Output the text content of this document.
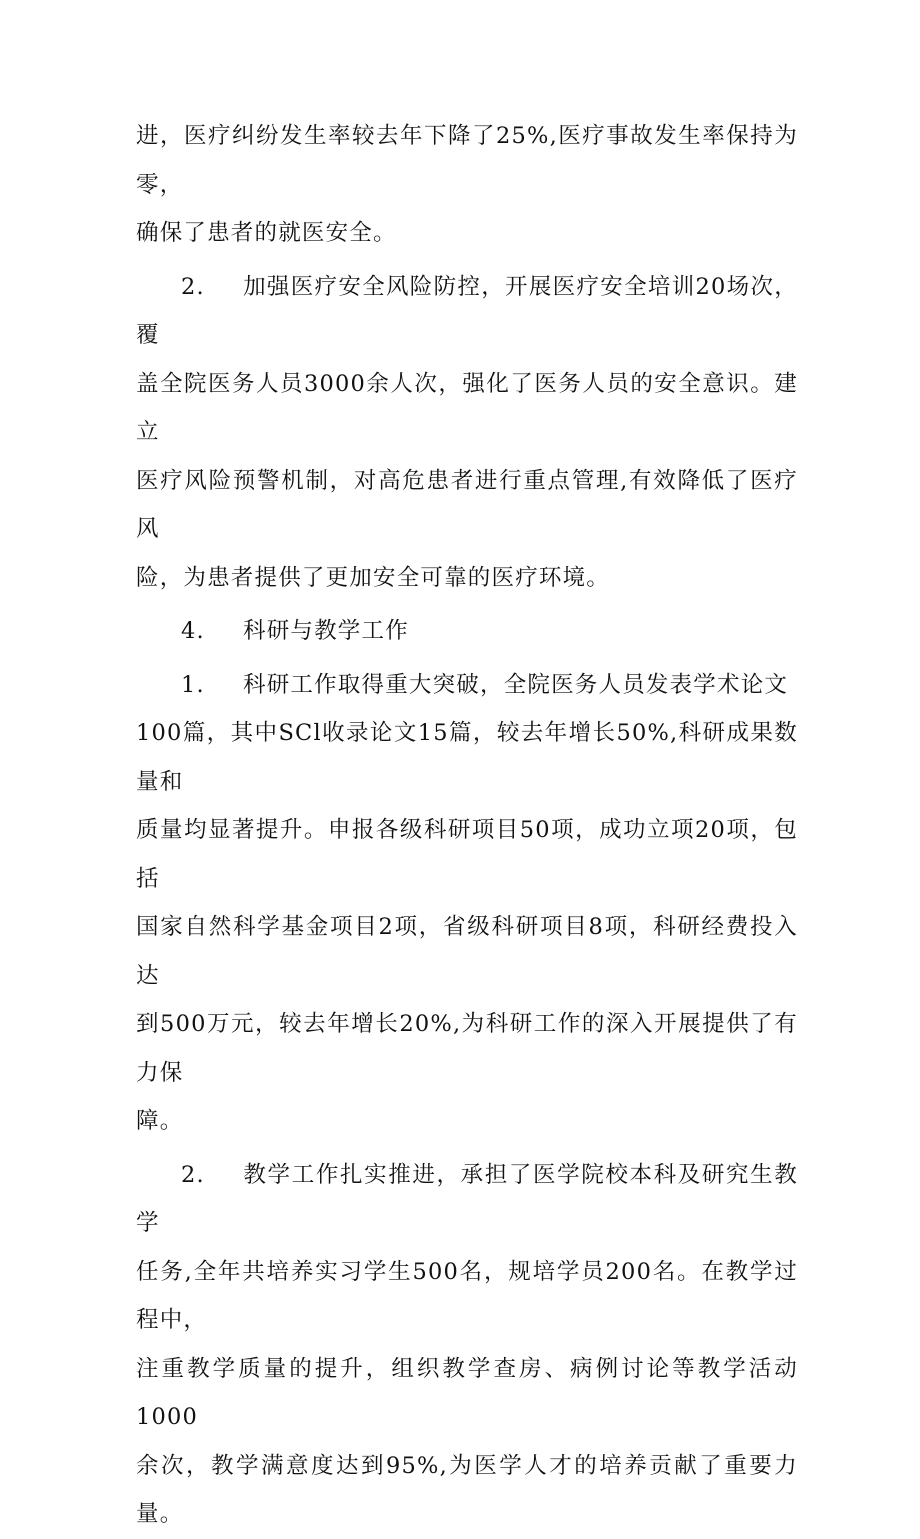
进，医疗纠纷发生率较去年下降了25%,医疗事故发生率保持为零，
确保了患者的就医安全。

2. 加强医疗安全风险防控，开展医疗安全培训20场次，覆
盖全院医务人员3000余人次，强化了医务人员的安全意识。建立
医疗风险预警机制，对高危患者进行重点管理,有效降低了医疗风
险，为患者提供了更加安全可靠的医疗环境。

4. 科研与教学工作

1. 科研工作取得重大突破，全院医务人员发表学术论文
100篇，其中SCl收录论文15篇，较去年增长50%,科研成果数量和
质量均显著提升。申报各级科研项目50项，成功立项20项，包括
国家自然科学基金项目2项，省级科研项目8项，科研经费投入达
到500万元，较去年增长20%,为科研工作的深入开展提供了有力保
障。

2. 教学工作扎实推进，承担了医学院校本科及研究生教学
任务,全年共培养实习学生500名，规培学员200名。在教学过程中，
注重教学质量的提升，组织教学查房、病例讨论等教学活动1000
余次，教学满意度达到95%,为医学人才的培养贡献了重要力量。
